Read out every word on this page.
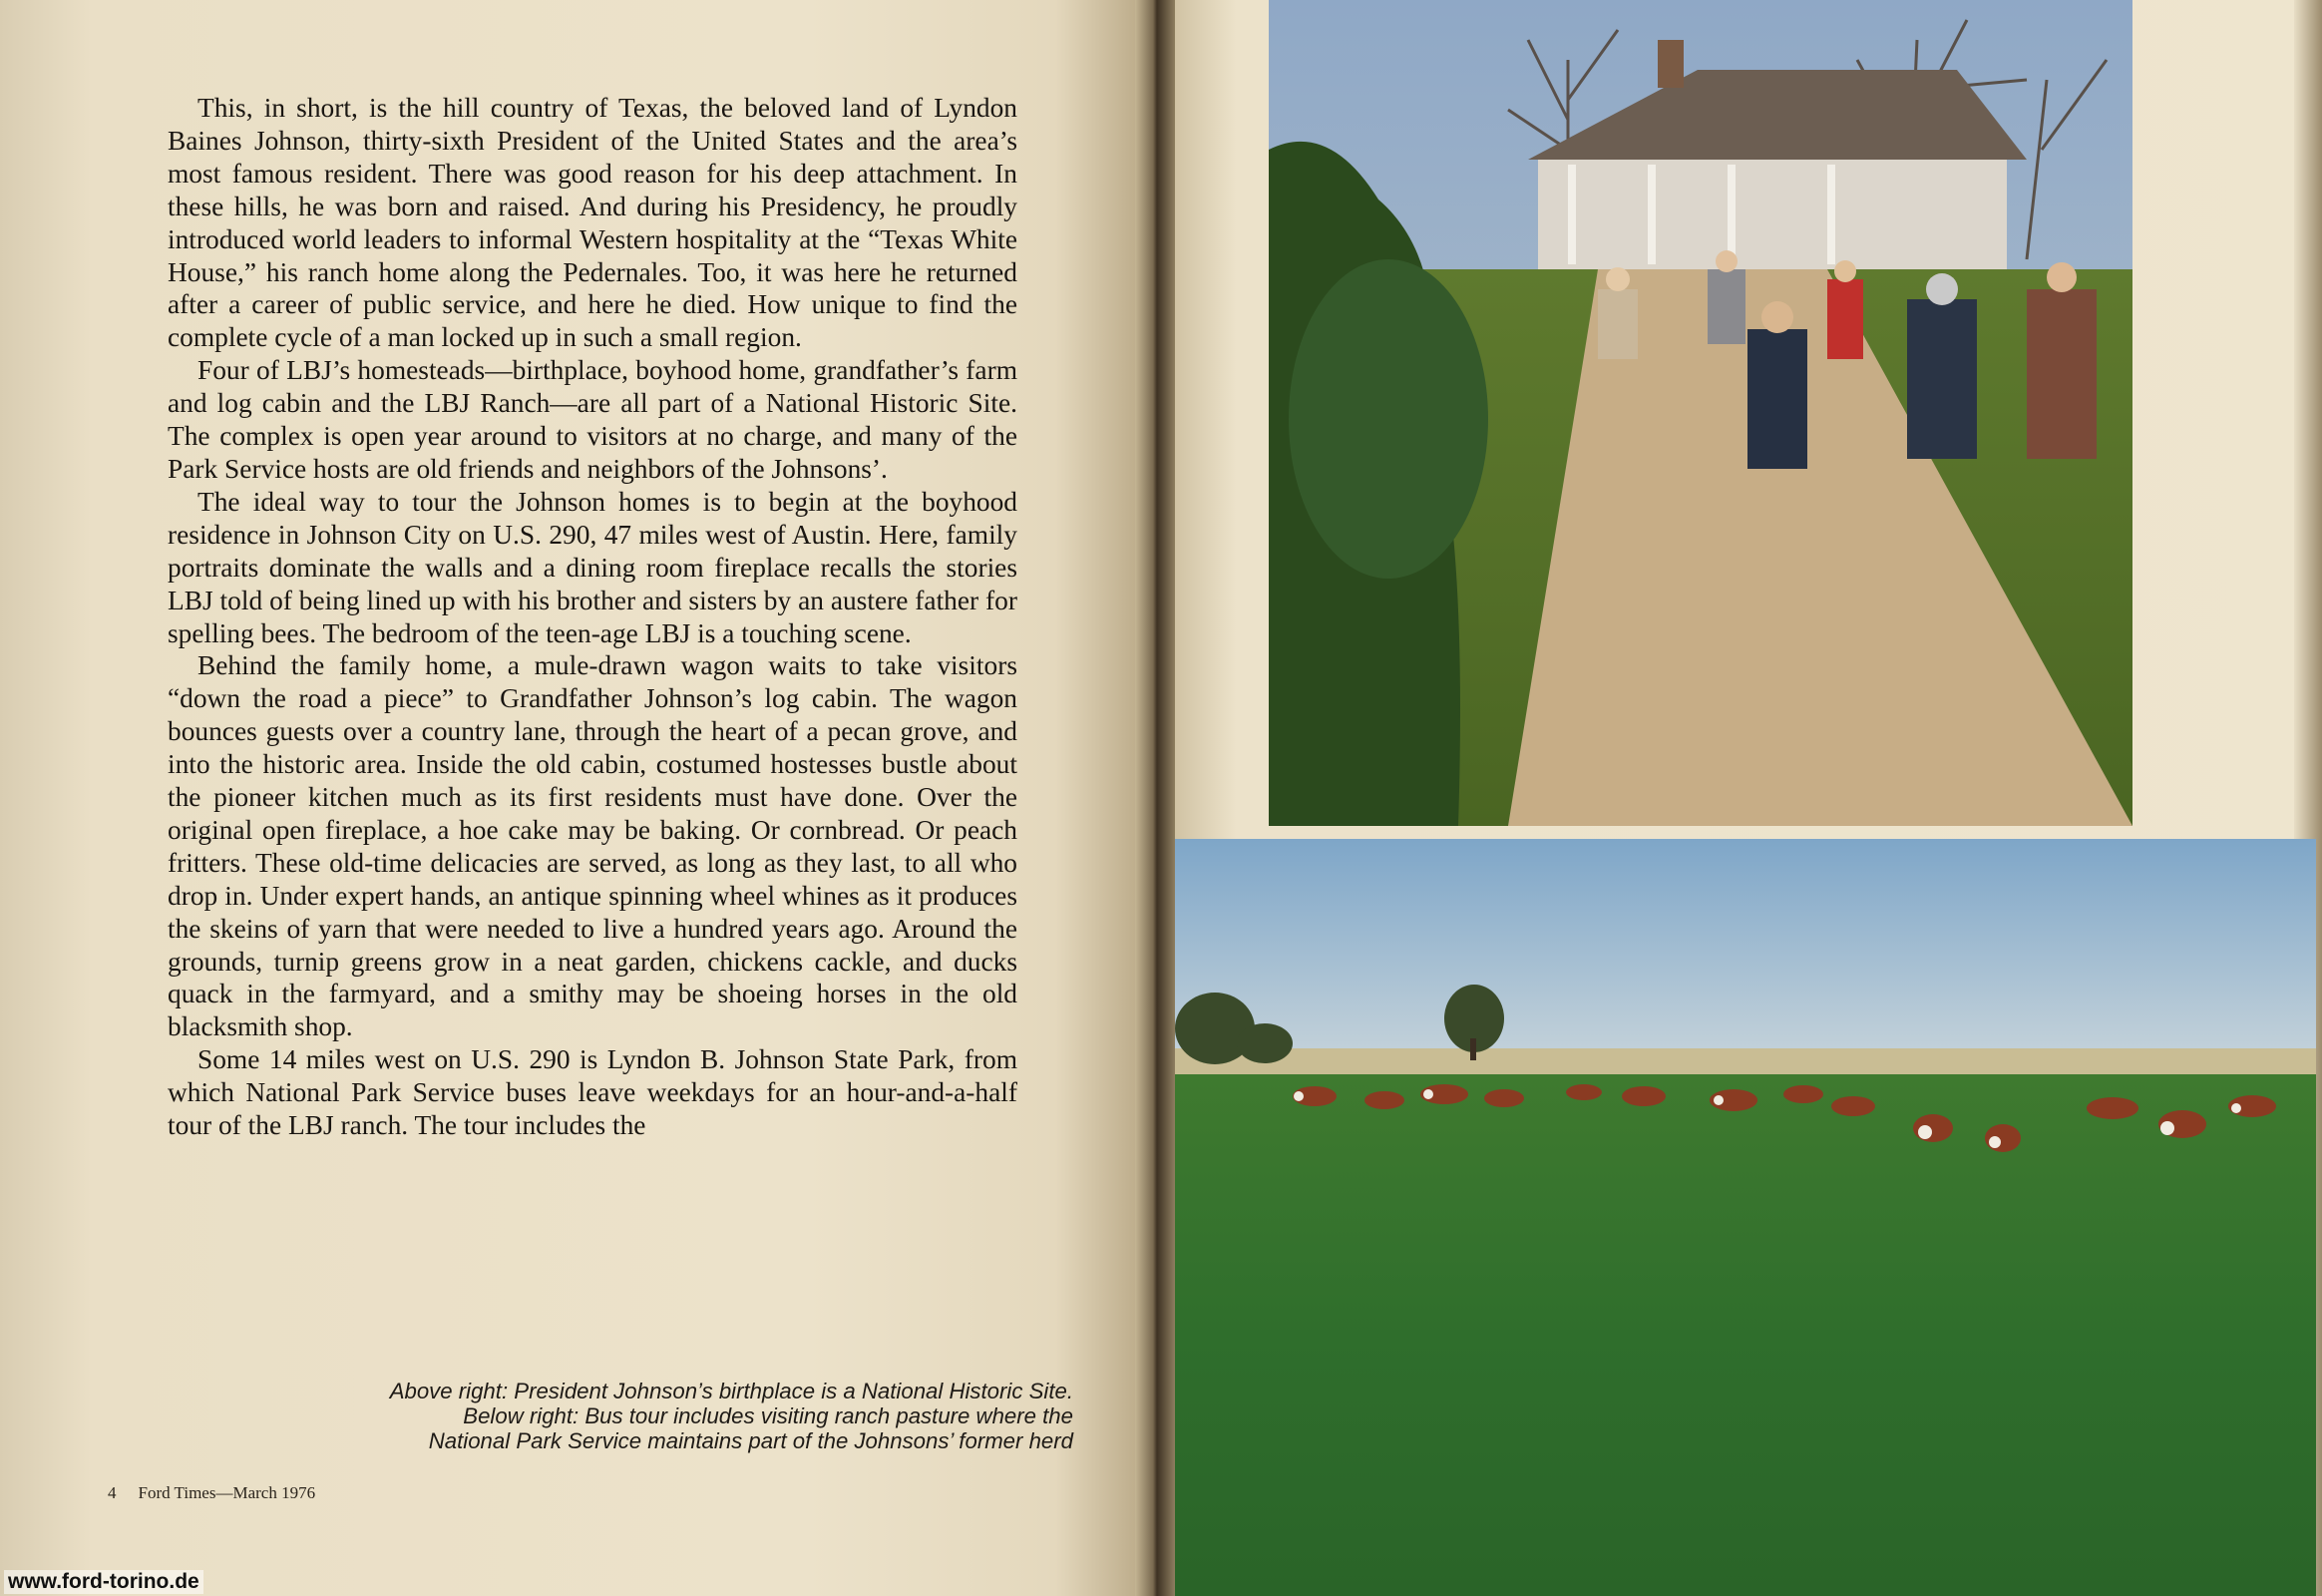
This, in short, is the hill country of Texas, the beloved land of Lyndon Baines Johnson, thirty-sixth President of the United States and the area’s most famous resident. There was good reason for his deep attachment. In these hills, he was born and raised. And during his Presidency, he proudly introduced world leaders to informal Western hospitality at the “Texas White House,” his ranch home along the Pedernales. Too, it was here he returned after a career of public service, and here he died. How unique to find the complete cycle of a man locked up in such a small region.

Four of LBJ’s homesteads—birthplace, boyhood home, grandfather’s farm and log cabin and the LBJ Ranch—are all part of a National Historic Site. The complex is open year around to visitors at no charge, and many of the Park Service hosts are old friends and neighbors of the Johnsons’.

The ideal way to tour the Johnson homes is to begin at the boyhood residence in Johnson City on U.S. 290, 47 miles west of Austin. Here, family portraits dominate the walls and a dining room fireplace recalls the stories LBJ told of being lined up with his brother and sisters by an austere father for spelling bees. The bedroom of the teen-age LBJ is a touching scene.

Behind the family home, a mule-drawn wagon waits to take visitors “down the road a piece” to Grandfather Johnson’s log cabin. The wagon bounces guests over a country lane, through the heart of a pecan grove, and into the historic area. Inside the old cabin, costumed hostesses bustle about the pioneer kitchen much as its first residents must have done. Over the original open fireplace, a hoe cake may be baking. Or cornbread. Or peach fritters. These old-time delicacies are served, as long as they last, to all who drop in. Under expert hands, an antique spinning wheel whines as it produces the skeins of yarn that were needed to live a hundred years ago. Around the grounds, turnip greens grow in a neat garden, chickens cackle, and ducks quack in the farmyard, and a smithy may be shoeing horses in the old blacksmith shop.

Some 14 miles west on U.S. 290 is Lyndon B. Johnson State Park, from which National Park Service buses leave weekdays for an hour-and-a-half tour of the LBJ ranch. The tour includes the

Above right: President Johnson’s birthplace is a National Historic Site.
Below right: Bus tour includes visiting ranch pasture where the
National Park Service maintains part of the Johnsons’ former herd
4 Ford Times—March 1976
www.ford-torino.de
